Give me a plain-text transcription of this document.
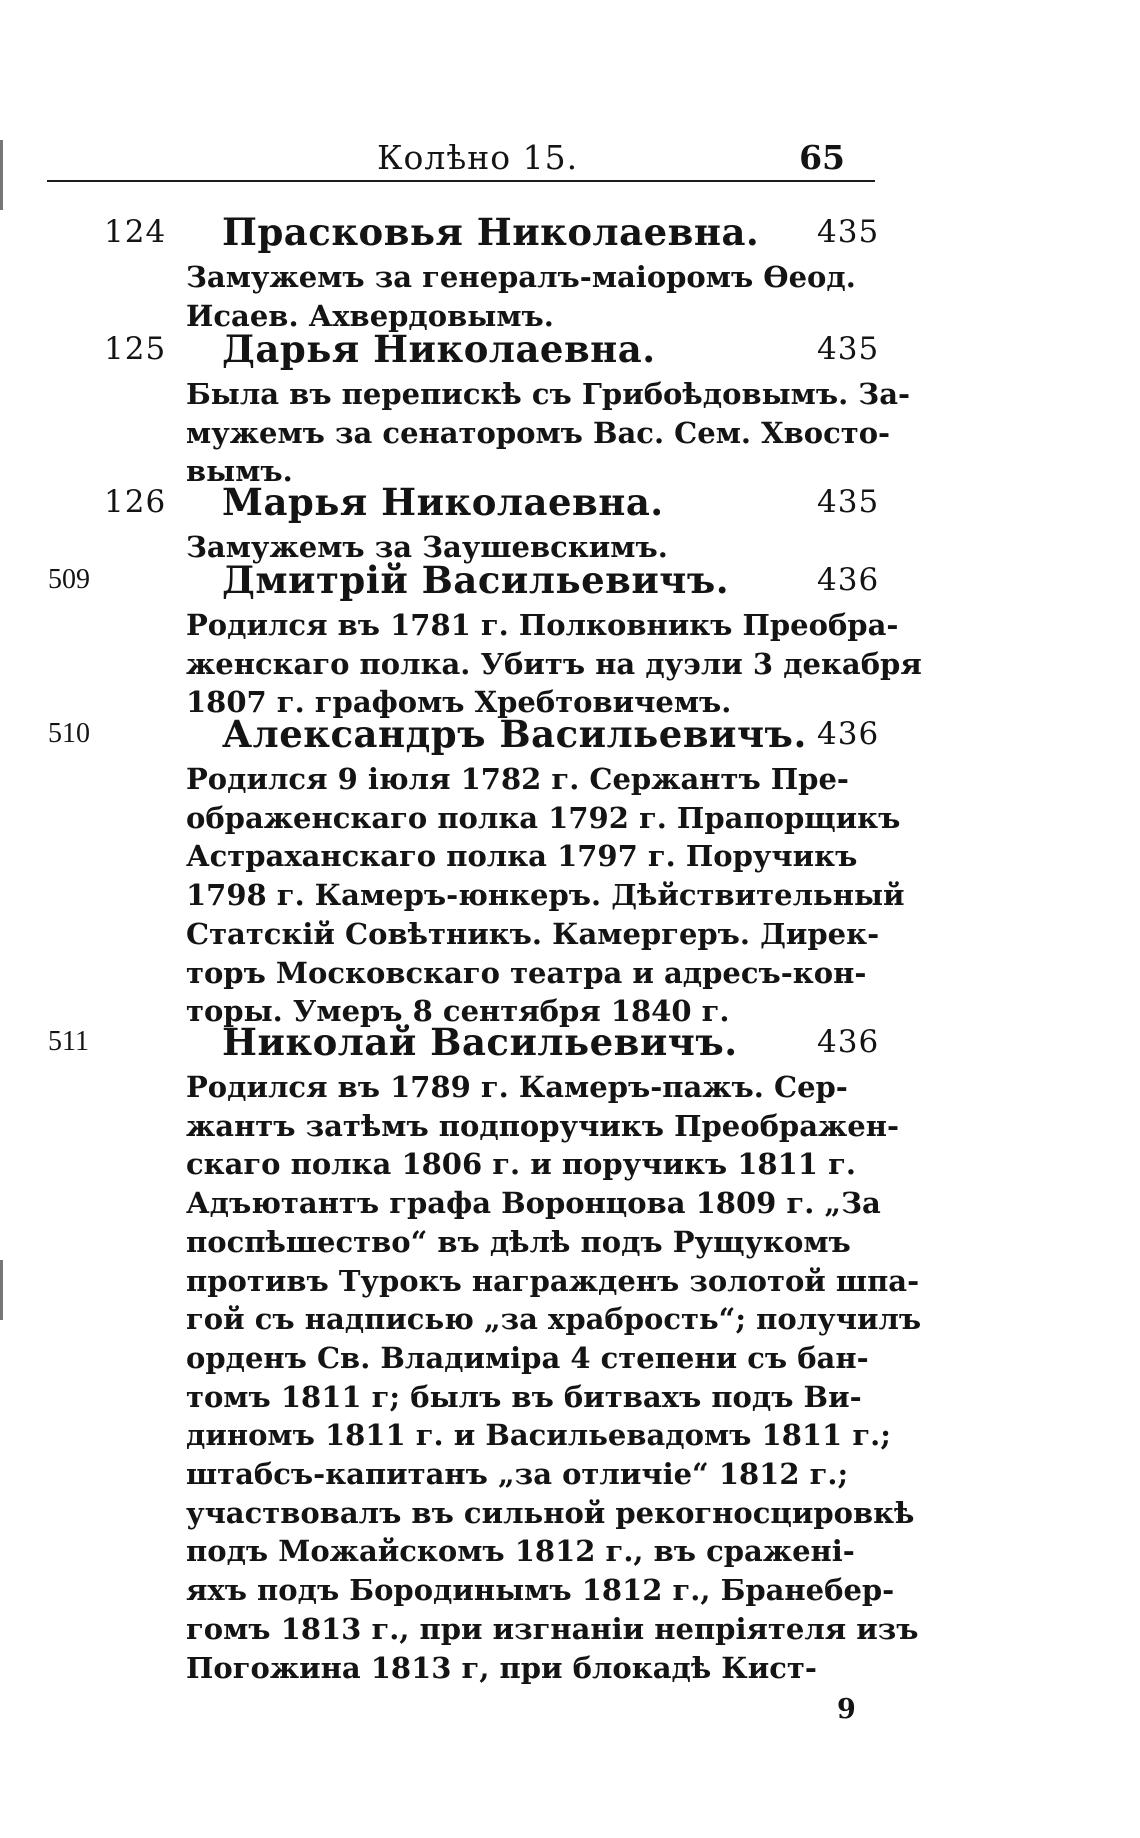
Колѣно 15.	65
124 Прасковья Николаевна. 435
Замужемъ за генералъ-маіоромъ Ѳеод.
Исаев. Ахвердовымъ.
125 Дарья Николаевна.	435
Была въ перепискѣ съ Грибоѣдовымъ. За-
мужемъ за сенаторомъ Вас. Сем. Хвосто-
вымъ.
126 Марья Николаевна.	435
Замужемъ за Заушевскимъ.
509	Дмитрій Васильевичъ.	436
Родился въ 1781 г. Полковникъ Преобра-
женскаго полка. Убитъ на дуэли 3 декабря
1807 г. графомъ Хребтовичемъ.
510	Александръ Васильевичъ. 436
Родился 9 іюля 1782 г. Сержантъ Пре-
ображенскаго полка 1792 г. Прапорщикъ
Астраханскаго полка 1797 г. Поручикъ
1798 г. Камеръ-юнкеръ. Дѣйствительный
Статскій Совѣтникъ. Камергеръ. Дирек-
торъ Московскаго театра и адресъ-кон-
торы. Умеръ 8 сентября 1840 г.
511	Николай Васильевичъ.	436
Родился въ 1789 г. Камеръ-пажъ. Сер-
жантъ затѣмъ подпоручикъ Преображен-
скаго полка 1806 г. и поручикъ 1811 г.
Адъютантъ графа Воронцова 1809 г. „За
поспѣшество“ въ дѣлѣ подъ Рущукомъ
противъ Турокъ награжденъ золотой шпа-
гой съ надписью „за храбрость“; получилъ
орденъ Св. Владиміра 4 степени съ бан-
томъ 1811 г; былъ въ битвахъ подъ Ви-
диномъ 1811 г. и Васильевадомъ 1811 г.;
штабсъ-капитанъ „за отличіе“ 1812 г.;
участвовалъ въ сильной рекогносцировкѣ
подъ Можайскомъ 1812 г., въ сраженi-
яхъ подъ Бородинымъ 1812 г., Бранебер-
гомъ 1813 г., при изгнаніи непріятеля изъ
Погожина 1813 г, при блокадѣ Кист-
9
